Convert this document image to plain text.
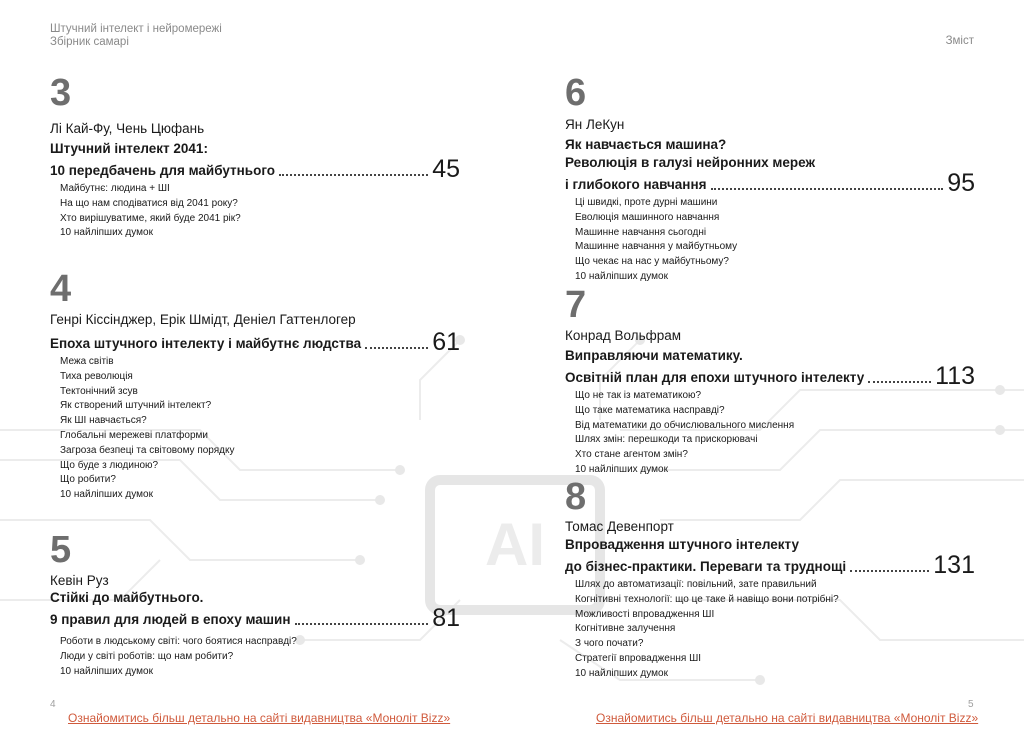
AI
Штучний інтелект і нейромережі
Збірник самарі	Зміст
3
Лі Кай-Фу, Чень Цюфань
Штучний інтелект 2041:
10 передбачень для майбутнього	45
Майбутнє: людина + ШІ
На що нам сподіватися від 2041 року?
Хто вирішуватиме, який буде 2041 рік?
10 найліпших думок
4
Генрі Кіссінджер, Ерік Шмідт, Деніел Гаттенлогер
Епоха штучного інтелекту і майбутнє людства	61
Межа світів
Тиха революція
Тектонічний зсув
Як створений штучний інтелект?
Як ШІ навчається?
Глобальні мережеві платформи
Загроза безпеці та світовому порядку
Що буде з людиною?
Що робити?
10 найліпших думок
5
Кевін Руз
Стійкі до майбутнього.
9 правил для людей в епоху машин	81
Роботи в людському світі: чого боятися насправді?
Люди у світі роботів: що нам робити?
10 найліпших думок
6
Ян ЛеКун
Як навчається машина?
Революція в галузі нейронних мереж
і глибокого навчання	95
Ці швидкі, проте дурні машини
Еволюція машинного навчання
Машинне навчання сьогодні
Машинне навчання у майбутньому
Що чекає на нас у майбутньому?
10 найліпших думок
7
Конрад Вольфрам
Виправляючи математику.
Освітній план для епохи штучного інтелекту	113
Що не так із математикою?
Що таке математика насправді?
Від математики до обчислювального мислення
Шлях змін: перешкоди та прискорювачі
Хто стане агентом змін?
10 найліпших думок
8
Томас Девенпорт
Впровадження штучного інтелекту
до бізнес-практики. Переваги та труднощі	131
Шлях до автоматизації: повільний, зате правильний
Когнітивні технології: що це таке й навіщо вони потрібні?
Можливості впровадження ШІ
Когнітивне залучення
З чого почати?
Стратегії впровадження ШІ
10 найліпших думок
4	5
Ознайомитись більш детально на сайті видавництва «Моноліт Bizz»	Ознайомитись більш детально на сайті видавництва «Моноліт Bizz»
